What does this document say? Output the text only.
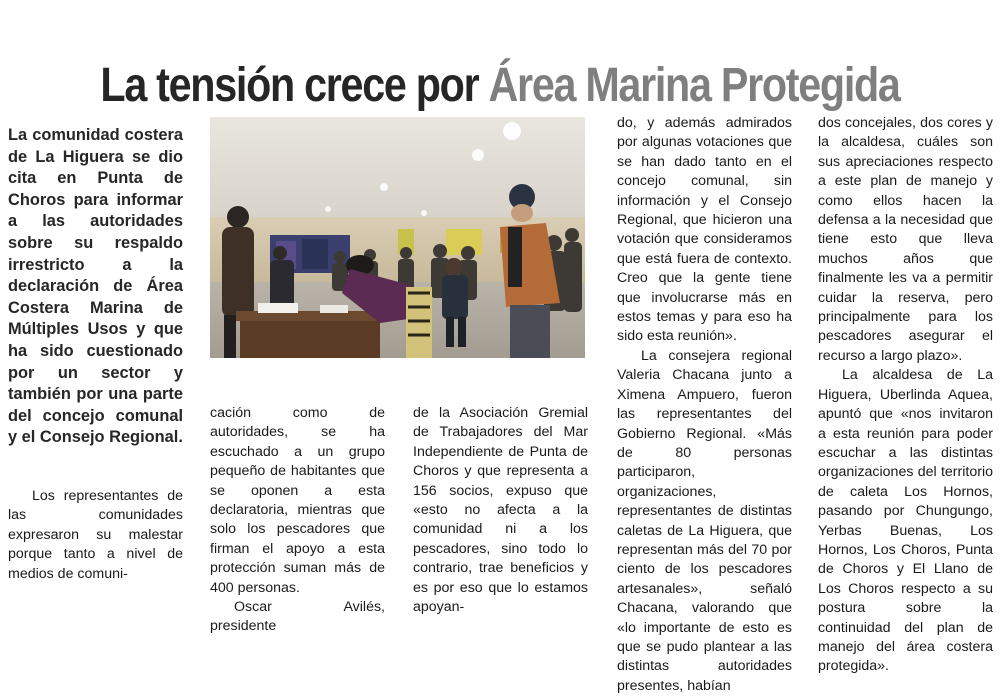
La tensión crece por Área Marina Protegida
La comunidad costera de La Higuera se dio cita en Punta de Choros para informar a las autoridades sobre su respaldo irrestricto a la declaración de Área Costera Marina de Múltiples Usos y que ha sido cuestionado por un sector y también por una parte del concejo comunal y el Consejo Regional.

Los representantes de las comunidades expresaron su malestar porque tanto a nivel de medios de comuni-

cación como de autoridades, se ha escuchado a un grupo pequeño de habitantes que se oponen a esta declaratoria, mientras que solo los pescadores que firman el apoyo a esta protección suman más de 400 personas.

Oscar Avilés, presidente

de la Asociación Gremial de Trabajadores del Mar Independiente de Punta de Choros y que representa a 156 socios, expuso que «esto no afecta a la comunidad ni a los pescadores, sino todo lo contrario, trae beneficios y es por eso que lo estamos apoyan-

do, y además admirados por algunas votaciones que se han dado tanto en el concejo comunal, sin información y el Consejo Regional, que hicieron una votación que consideramos que está fuera de contexto. Creo que la gente tiene que involucrarse más en estos temas y para eso ha sido esta reunión».

La consejera regional Valeria Chacana junto a Ximena Ampuero, fueron las representantes del Gobierno Regional. «Más de 80 personas participaron, organizaciones, representantes de distintas caletas de La Higuera, que representan más del 70 por ciento de los pescadores artesanales», señaló Chacana, valorando que «lo importante de esto es que se pudo plantear a las distintas autoridades presentes, habían

dos concejales, dos cores y la alcaldesa, cuáles son sus apreciaciones respecto a este plan de manejo y como ellos hacen la defensa a la necesidad que tiene esto que lleva muchos años que finalmente les va a permitir cuidar la reserva, pero principalmente para los pescadores asegurar el recurso a largo plazo».

La alcaldesa de La Higuera, Uberlinda Aquea, apuntó que «nos invitaron a esta reunión para poder escuchar a las distintas organizaciones del territorio de caleta Los Hornos, pasando por Chungungo, Yerbas Buenas, Los Hornos, Los Choros, Punta de Choros y El Llano de Los Choros respecto a su postura sobre la continuidad del plan de manejo del área costera protegida».
